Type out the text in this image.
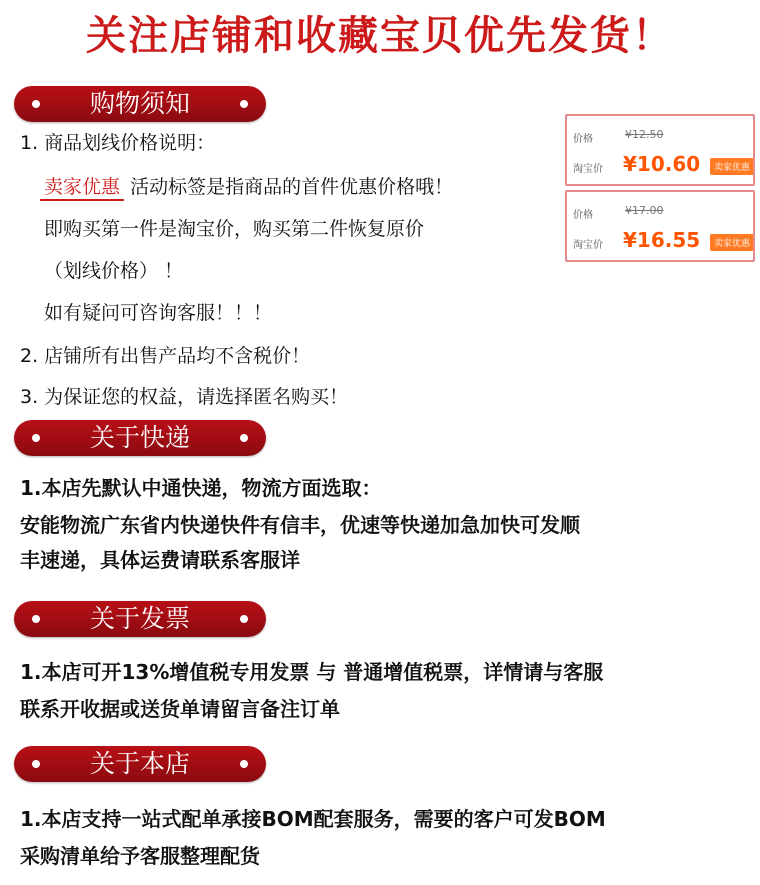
关注店铺和收藏宝贝优先发货！
购物须知
1. 商品划线价格说明：
卖家优惠 活动标签是指商品的首件优惠价格哦！
即购买第一件是淘宝价，购买第二件恢复原价
（划线价格） ！
如有疑问可咨询客服！！！
2. 店铺所有出售产品均不含税价！
3. 为保证您的权益，请选择匿名购买！
价格	¥12.50
淘宝价 ¥10.60	卖家优惠
价格	¥17.00
淘宝价 ¥16.55	卖家优惠
关于快递
1.本店先默认中通快递，物流方面选取：
安能物流广东省内快递快件有信丰，优速等快递加急加快可发顺
丰速递，具体运费请联系客服详
关于发票
1.本店可开13%增值税专用发票 与 普通增值税票，详情请与客服
联系开收据或送货单请留言备注订单
关于本店
1.本店支持一站式配单承接BOM配套服务，需要的客户可发BOM
采购清单给予客服整理配货
